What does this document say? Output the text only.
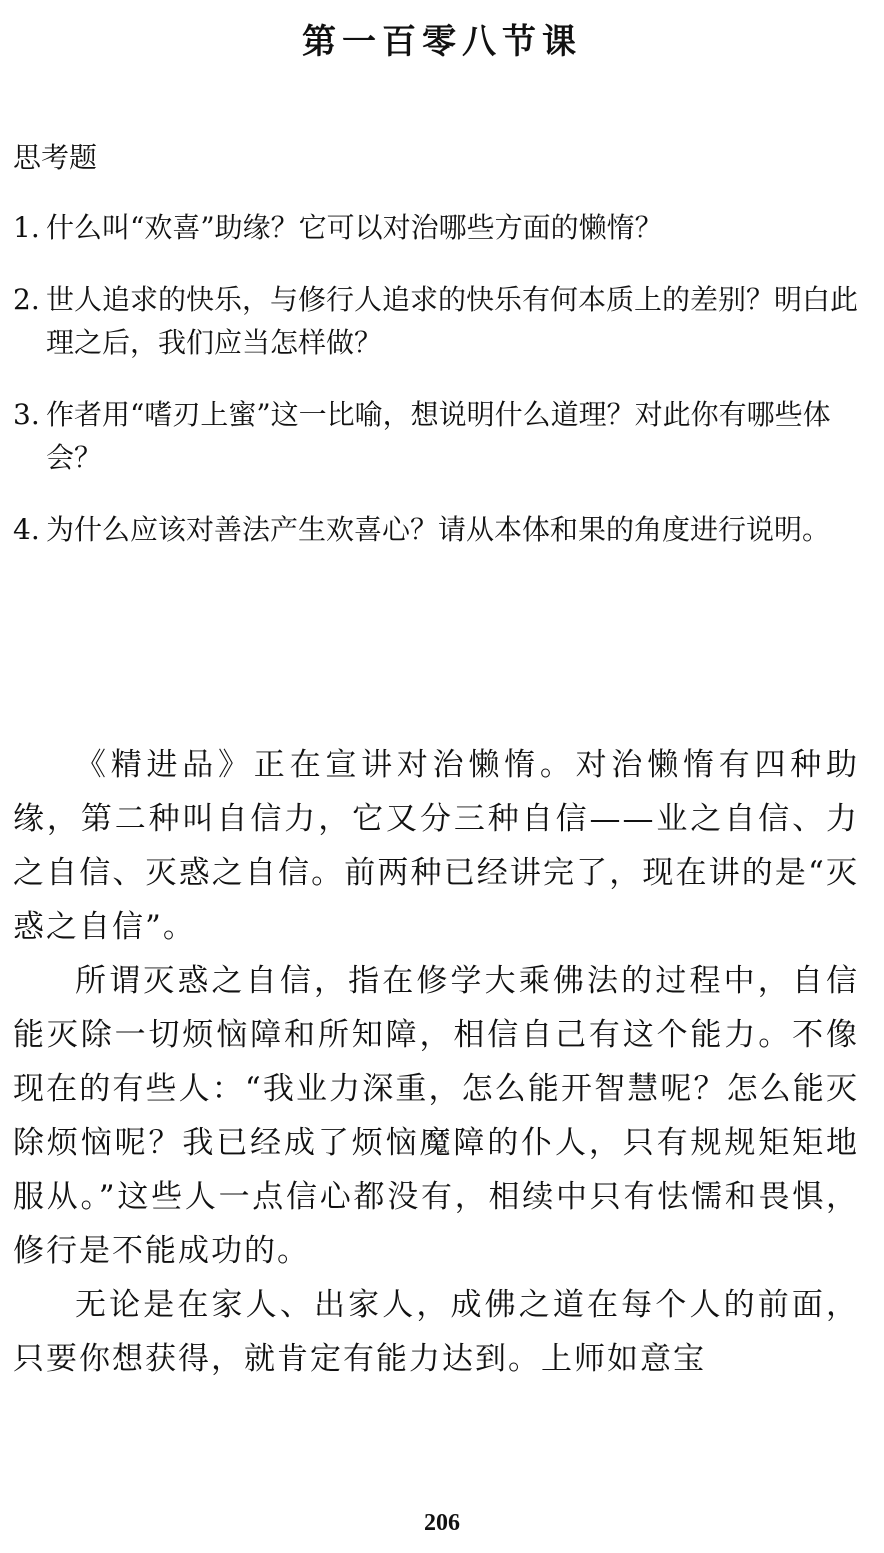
第一百零八节课
思考题
1. 什么叫“欢喜”助缘？它可以对治哪些方面的懒惰？
2. 世人追求的快乐，与修行人追求的快乐有何本质上的差别？明白此理之后，我们应当怎样做？
3. 作者用“嗜刃上蜜”这一比喻，想说明什么道理？对此你有哪些体会？
4. 为什么应该对善法产生欢喜心？请从本体和果的角度进行说明。

《精进品》正在宣讲对治懒惰。对治懒惰有四种助缘，第二种叫自信力，它又分三种自信——业之自信、力之自信、灭惑之自信。前两种已经讲完了，现在讲的是“灭惑之自信”。

所谓灭惑之自信，指在修学大乘佛法的过程中，自信能灭除一切烦恼障和所知障，相信自己有这个能力。不像现在的有些人：“我业力深重，怎么能开智慧呢？怎么能灭除烦恼呢？我已经成了烦恼魔障的仆人，只有规规矩矩地服从。”这些人一点信心都没有，相续中只有怯懦和畏惧，修行是不能成功的。

无论是在家人、出家人，成佛之道在每个人的前面，只要你想获得，就肯定有能力达到。上师如意宝

206
